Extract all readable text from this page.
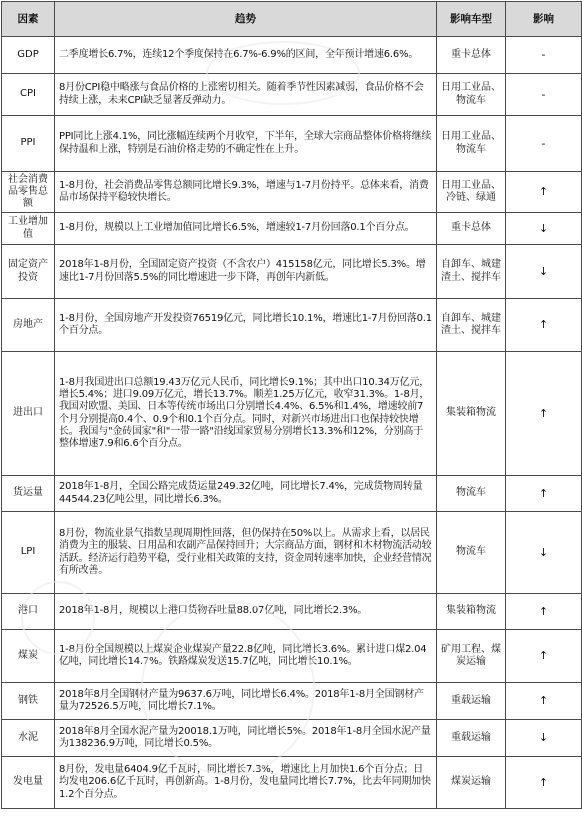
因素	趋势	影响车型	影响
GDP	二季度增长6.7%，连续12个季度保持在6.7%-6.9%的区间，全年预计增速6.6%。	重卡总体	-
CPI	8月份CPI稳中略涨与食品价格的上涨密切相关。随着季节性因素减弱，食品价格不会持续上涨，未来CPI缺乏显著反弹动力。	日用工业品、物流车	-
PPI	PPI同比上涨4.1%，同比涨幅连续两个月收窄，下半年，全球大宗商品整体价格将继续保持温和上涨，特别是石油价格走势的不确定性在上升。	日用工业品、物流车	-
社会消费品零售总额	1-8月份，社会消费品零售总额同比增长9.3%，增速与1-7月份持平。总体来看，消费品市场保持平稳较快增长。	日用工业品、冷链、绿通	↑
工业增加值	1-8月份，规模以上工业增加值同比增长6.5%，增速较1-7月份回落0.1个百分点。	重卡总体	↓
固定资产投资	2018年1-8月份，全国固定资产投资（不含农户）415158亿元，同比增长5.3%。增速比1-7月份回落5.5%的同比增速进一步下降，再创年内新低。	自卸车、城建渣土、搅拌车	↓
房地产	1-8月份，全国房地产开发投资76519亿元，同比增长10.1%，增速比1-7月份回落0.1个百分点。	自卸车、城建渣土、搅拌车	↑
进出口	1-8月我国进出口总额19.43万亿元人民币，同比增长9.1%；其中出口10.34万亿元，增长5.4%；进口9.09万亿元，增长13.7%。顺差1.25万亿元，收窄31.3%。1-8月，我国对欧盟、美国、日本等传统市场出口分别增长4.4%、6.5%和1.4%，增速较前7个月分别提高0.4个、0.9个和0.1个百分点。同时，对新兴市场进出口也保持较快增长。我国与"金砖国家"和"一带一路"沿线国家贸易分别增长13.3%和12%，分别高于整体增速7.9和6.6个百分点。	集装箱物流	↑
货运量	2018年1-8月，全国公路完成货运量249.32亿吨，同比增长7.4%，完成货物周转量44544.23亿吨公里，同比增长6.3%。	物流车	↑
LPI	8月份，物流业景气指数呈现周期性回落，但仍保持在50%以上。从需求上看，以居民消费为主的服装、日用品和农副产品保持回升；大宗商品方面，钢材和木材物流活动较活跃。经济运行趋势平稳，受行业相关政策的支持，资金周转速率加快，企业经营情况有所改善。	物流车	↓
港口	2018年1-8月，规模以上港口货物吞吐量88.07亿吨，同比增长2.3%。	集装箱物流	↑
煤炭	1-8月份全国规模以上煤炭企业煤炭产量22.8亿吨，同比增长3.6%。累计进口煤2.04亿吨，同比增长14.7%。铁路煤炭发送15.7亿吨，同比增长10.1%。	矿用工程、煤炭运输	↑
钢铁	2018年8月全国钢材产量为9637.6万吨，同比增长6.4%。2018年1-8月全国钢材产量为72526.5万吨，同比增长7.1%。	重载运输	↑
水泥	2018年8月全国水泥产量为20018.1万吨，同比增长5%。2018年1-8月全国水泥产量为138236.9万吨，同比增长0.5%。	重载运输	↓
发电量	8月份，发电量6404.9亿千瓦时，同比增长7.3%，增速比上月加快1.6个百分点；日均发电206.6亿千瓦时，再创新高。1-8月份，发电量同比增长7.7%，比去年同期加快1.2个百分点。	煤炭运输	↑
